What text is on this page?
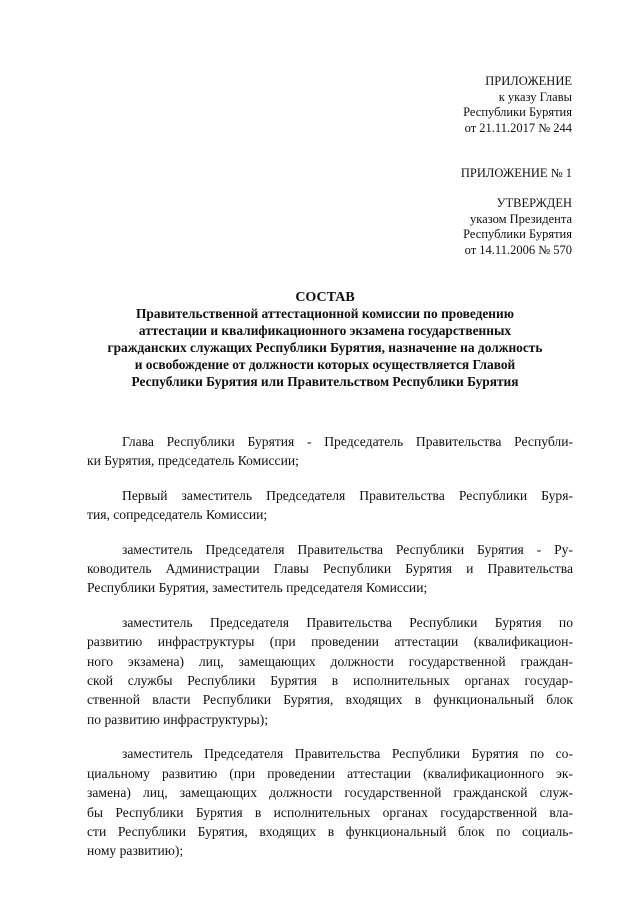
ПРИЛОЖЕНИЕ
к указу Главы
Республики Бурятия
от 21.11.2017 № 244
ПРИЛОЖЕНИЕ № 1
УТВЕРЖДЕН
указом Президента
Республики Бурятия
от 14.11.2006 № 570
СОСТАВ
Правительственной аттестационной комиссии по проведению
аттестации и квалификационного экзамена государственных
гражданских служащих Республики Бурятия, назначение на должность
и освобождение от должности которых осуществляется Главой
Республики Бурятия или Правительством Республики Бурятия
Глава Республики Бурятия - Председатель Правительства Республи-
ки Бурятия, председатель Комиссии;
Первый заместитель Председателя Правительства Республики Буря-
тия, сопредседатель Комиссии;
заместитель Председателя Правительства Республики Бурятия - Ру-
ководитель Администрации Главы Республики Бурятия и Правительства
Республики Бурятия, заместитель председателя Комиссии;
заместитель Председателя Правительства Республики Бурятия по
развитию инфраструктуры (при проведении аттестации (квалификацион-
ного экзамена) лиц, замещающих должности государственной граждан-
ской службы Республики Бурятия в исполнительных органах государ-
ственной власти Республики Бурятия, входящих в функциональный блок
по развитию инфраструктуры);
заместитель Председателя Правительства Республики Бурятия по со-
циальному развитию (при проведении аттестации (квалификационного эк-
замена) лиц, замещающих должности государственной гражданской служ-
бы Республики Бурятия в исполнительных органах государственной вла-
сти Республики Бурятия, входящих в функциональный блок по социаль-
ному развитию);
